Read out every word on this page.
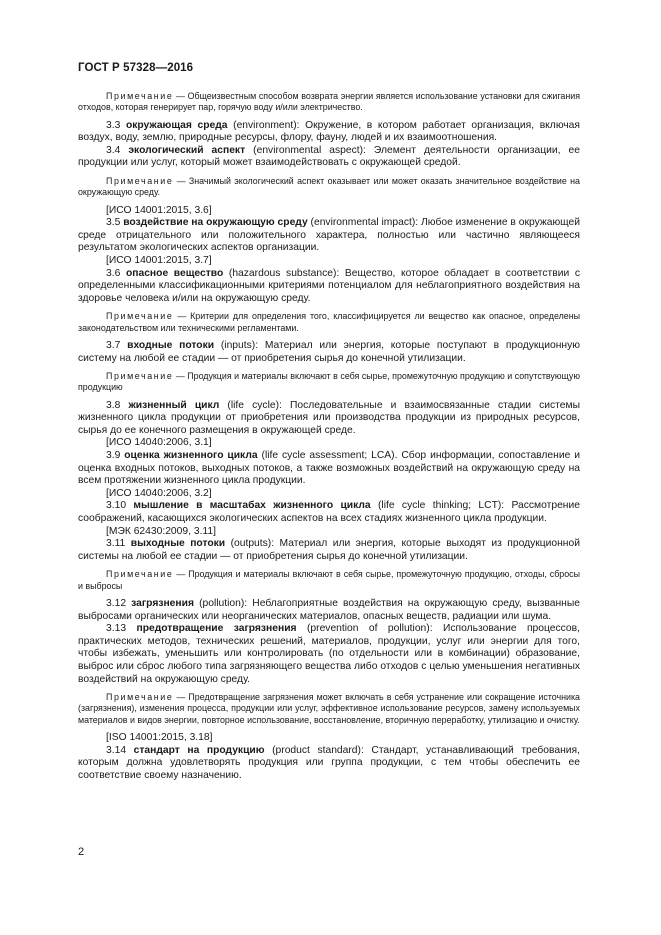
ГОСТ Р 57328—2016

Примечание — Общеизвестным способом возврата энергии является использование установки для сжигания отходов, которая генерирует пар, горячую воду и/или электричество.

3.3 окружающая среда (environment): Окружение, в котором работает организация, включая воздух, воду, землю, природные ресурсы, флору, фауну, людей и их взаимоотношения.

3.4 экологический аспект (environmental aspect): Элемент деятельности организации, ее продукции или услуг, который может взаимодействовать с окружающей средой.

Примечание — Значимый экологический аспект оказывает или может оказать значительное воздействие на окружающую среду.

[ИСО 14001:2015, 3.6]

3.5 воздействие на окружающую среду (environmental impact): Любое изменение в окружающей среде отрицательного или положительного характера, полностью или частично являющееся результатом экологических аспектов организации.

[ИСО 14001:2015, 3.7]

3.6 опасное вещество (hazardous substance): Вещество, которое обладает в соответствии с определенными классификационными критериями потенциалом для неблагоприятного воздействия на здоровье человека и/или на окружающую среду.

Примечание — Критерии для определения того, классифицируется ли вещество как опасное, определены законодательством или техническими регламентами.

3.7 входные потоки (inputs): Материал или энергия, которые поступают в продукционную систему на любой ее стадии — от приобретения сырья до конечной утилизации.

Примечание — Продукция и материалы включают в себя сырье, промежуточную продукцию и сопутствующую продукцию

3.8 жизненный цикл (life cycle): Последовательные и взаимосвязанные стадии системы жизненного цикла продукции от приобретения или производства продукции из природных ресурсов, сырья до ее конечного размещения в окружающей среде.

[ИСО 14040:2006, 3.1]

3.9 оценка жизненного цикла (life cycle assessment; LCA). Сбор информации, сопоставление и оценка входных потоков, выходных потоков, а также возможных воздействий на окружающую среду на всем протяжении жизненного цикла продукции.

[ИСО 14040:2006, 3.2]

3.10 мышление в масштабах жизненного цикла (life cycle thinking; LCT): Рассмотрение соображений, касающихся экологических аспектов на всех стадиях жизненного цикла продукции.

[МЭК 62430:2009, 3.11]

3.11 выходные потоки (outputs): Материал или энергия, которые выходят из продукционной системы на любой ее стадии — от приобретения сырья до конечной утилизации.

Примечание — Продукция и материалы включают в себя сырье, промежуточную продукцию, отходы, сбросы и выбросы

3.12 загрязнения (pollution): Неблагоприятные воздействия на окружающую среду, вызванные выбросами органических или неорганических материалов, опасных веществ, радиации или шума.

3.13 предотвращение загрязнения (prevention of pollution): Использование процессов, практических методов, технических решений, материалов, продукции, услуг или энергии для того, чтобы избежать, уменьшить или контролировать (по отдельности или в комбинации) образование, выброс или сброс любого типа загрязняющего вещества либо отходов с целью уменьшения негативных воздействий на окружающую среду.

Примечание — Предотвращение загрязнения может включать в себя устранение или сокращение источника (загрязнения), изменения процесса, продукции или услуг, эффективное использование ресурсов, замену используемых материалов и видов энергии, повторное использование, восстановление, вторичную переработку, утилизацию и очистку.

[ISO 14001:2015, 3.18]

3.14 стандарт на продукцию (product standard): Стандарт, устанавливающий требования, которым должна удовлетворять продукция или группа продукции, с тем чтобы обеспечить ее соответствие своему назначению.

2
